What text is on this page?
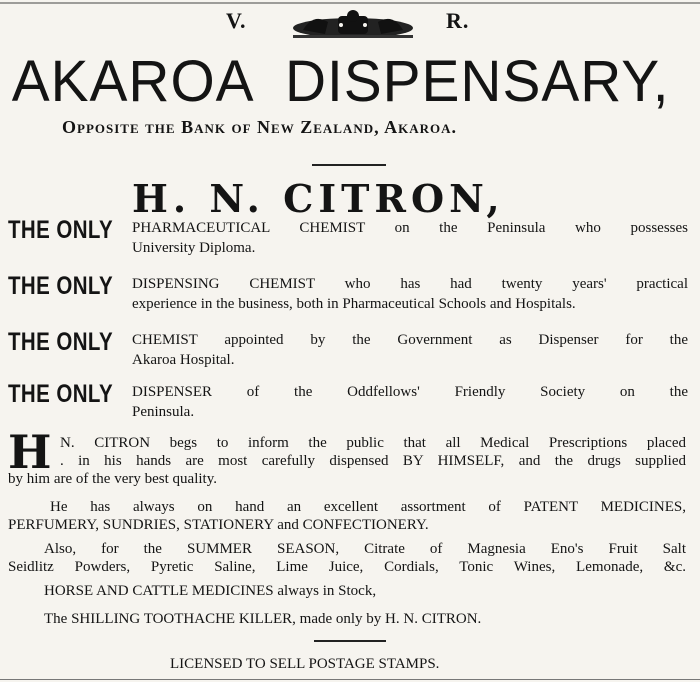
V.	R.
AKAROA  DISPENSARY,
Opposite the Bank of New Zealand, Akaroa.
H. N. CITRON,
THE ONLY PHARMACEUTICAL CHEMIST on the Peninsula who possesses
University Diploma.
THE ONLY DISPENSING CHEMIST who has had twenty years' practical
experience in the business, both in Pharmaceutical Schools and Hospitals.
THE ONLY CHEMIST appointed by the Government as Dispenser for the
Akaroa Hospital.
THE ONLY DISPENSER of the Oddfellows' Friendly Society on the
Peninsula.
H N. CITRON begs to inform the public that all Medical Prescriptions placed
. in his hands are most carefully dispensed BY HIMSELF, and the drugs supplied
by him are of the very best quality.
He has always on hand an excellent assortment of PATENT MEDICINES,
PERFUMERY, SUNDRIES, STATIONERY and CONFECTIONERY.
Also, for the SUMMER SEASON, Citrate of Magnesia Eno's Fruit Salt
Seidlitz Powders, Pyretic Saline, Lime Juice, Cordials, Tonic Wines, Lemonade, &c.
HORSE AND CATTLE MEDICINES always in Stock,
The SHILLING TOOTHACHE KILLER, made only by H. N. CITRON.
LICENSED TO SELL POSTAGE STAMPS.
